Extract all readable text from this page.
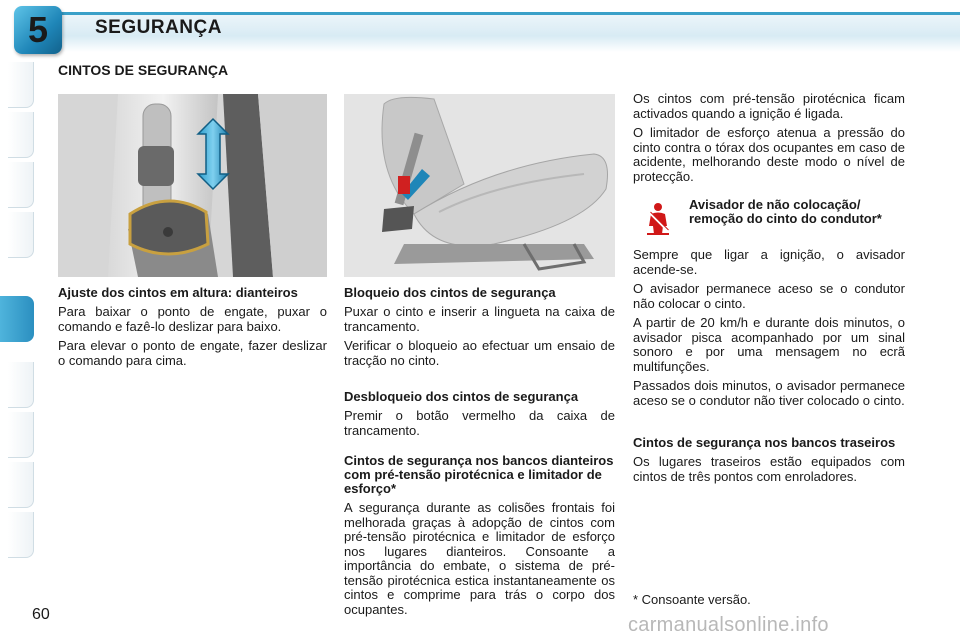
5 SEGURANÇA
CINTOS DE SEGURANÇA
Ajuste dos cintos em altura: dianteiros

Para baixar o ponto de engate, puxar o comando e fazê-lo deslizar para baixo.

Para elevar o ponto de engate, fazer deslizar o comando para cima.

Bloqueio dos cintos de segurança

Puxar o cinto e inserir a lingueta na caixa de trancamento.

Verificar o bloqueio ao efectuar um ensaio de tracção no cinto.

Desbloqueio dos cintos de segurança

Premir o botão vermelho da caixa de trancamento.

Cintos de segurança nos bancos dianteiros com pré-tensão pirotécnica e limitador de esforço*

A segurança durante as colisões frontais foi melhorada graças à adopção de cintos com pré-tensão pirotécnica e limitador de esforço nos lugares dianteiros. Consoante a importância do embate, o sistema de pré-tensão pirotécnica estica instantaneamente os cintos e comprime para trás o corpo dos ocupantes.

Os cintos com pré-tensão pirotécnica ficam activados quando a ignição é ligada.

O limitador de esforço atenua a pressão do cinto contra o tórax dos ocupantes em caso de acidente, melhorando deste modo o nível de protecção.

Avisador de não colocação/ remoção do cinto do condutor*

Sempre que ligar a ignição, o avisador acende-se.

O avisador permanece aceso se o condutor não colocar o cinto.

A partir de 20 km/h e durante dois minutos, o avisador pisca acompanhado por um sinal sonoro e por uma mensagem no ecrã multifunções.

Passados dois minutos, o avisador permanece aceso se o condutor não tiver colocado o cinto.

Cintos de segurança nos bancos traseiros

Os lugares traseiros estão equipados com cintos de três pontos com enroladores.

* Consoante versão.
60	carmanualsonline.info
